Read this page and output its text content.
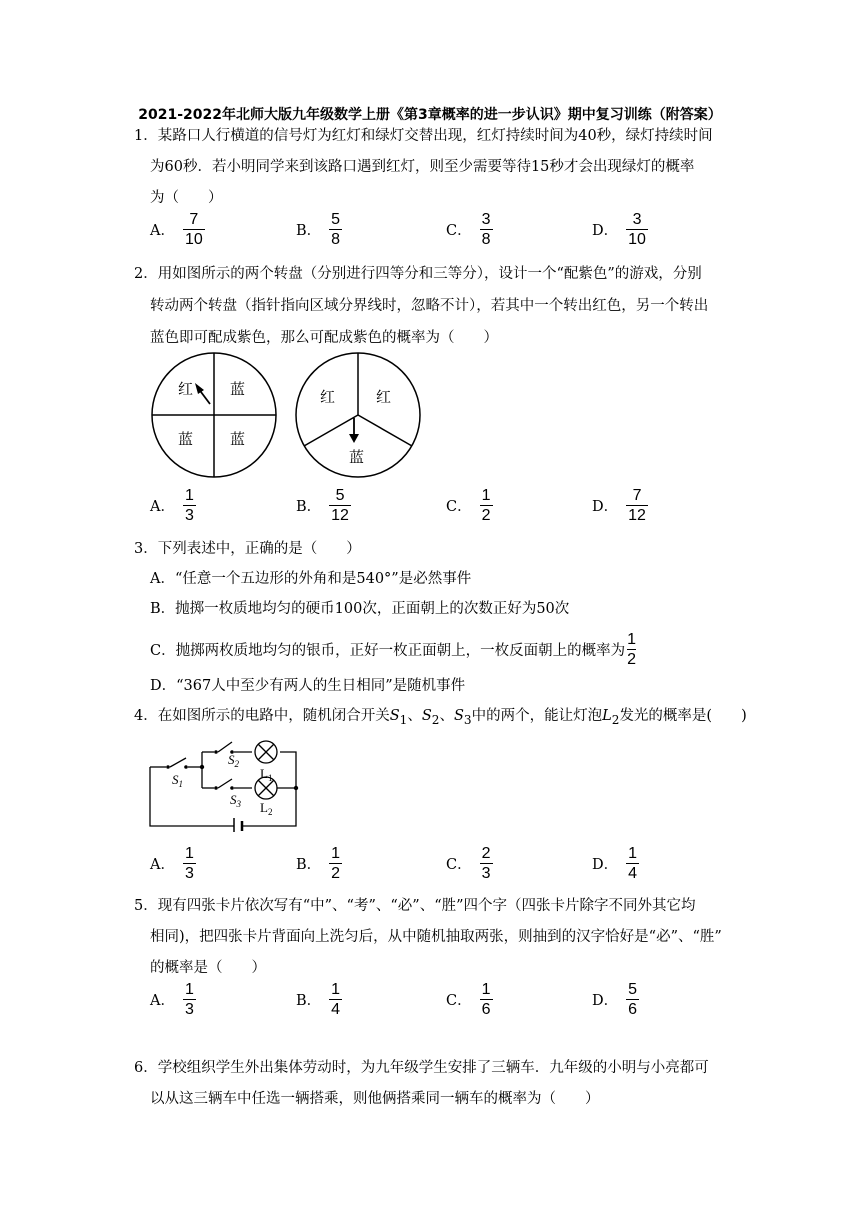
2021-2022年北师大版九年级数学上册《第3章概率的进一步认识》期中复习训练（附答案）
1．某路口人行横道的信号灯为红灯和绿灯交替出现，红灯持续时间为40秒，绿灯持续时间
为60秒．若小明同学来到该路口遇到红灯，则至少需要等待15秒才会出现绿灯的概率
为（　　）
A． $\frac{7}{10}$	B． $\frac{5}{8}$	C． $\frac{3}{8}$	D． $\frac{3}{10}$
2．用如图所示的两个转盘（分别进行四等分和三等分），设计一个“配紫色”的游戏，分别
转动两个转盘（指针指向区域分界线时，忽略不计），若其中一个转出红色，另一个转出
蓝色即可配成紫色，那么可配成紫色的概率为（　　）
红 蓝
蓝 蓝
红	红
蓝
A． $\frac{1}{3}$	B． $\frac{5}{12}$	C． $\frac{1}{2}$	D． $\frac{7}{12}$
3．下列表述中，正确的是（　　）
A．“任意一个五边形的外角和是540°”是必然事件
B．抛掷一枚质地均匀的硬币100次，正面朝上的次数正好为50次
C．抛掷两枚质地均匀的银币，正好一枚正面朝上，一枚反面朝上的概率为 $\frac{1}{2}$
D．“367人中至少有两人的生日相同”是随机事件
4．在如图所示的电路中，随机闭合开关$S_1$、$S_2$、$S_3$中的两个，能让灯泡$L_2$发光的概率是(　　)
$S_1$
$S_2$
$S_3$
$L_1$
$L_2$
A． $\frac{1}{3}$	B． $\frac{1}{2}$	C． $\frac{2}{3}$	D． $\frac{1}{4}$
5．现有四张卡片依次写有“中”、“考”、“必”、“胜”四个字（四张卡片除字不同外其它均
相同)，把四张卡片背面向上洗匀后，从中随机抽取两张，则抽到的汉字恰好是“必”、“胜”
的概率是（　　）
A． $\frac{1}{3}$	B． $\frac{1}{4}$	C． $\frac{1}{6}$	D． $\frac{5}{6}$
6．学校组织学生外出集体劳动时，为九年级学生安排了三辆车．九年级的小明与小亮都可
以从这三辆车中任选一辆搭乘，则他俩搭乘同一辆车的概率为（　　）
